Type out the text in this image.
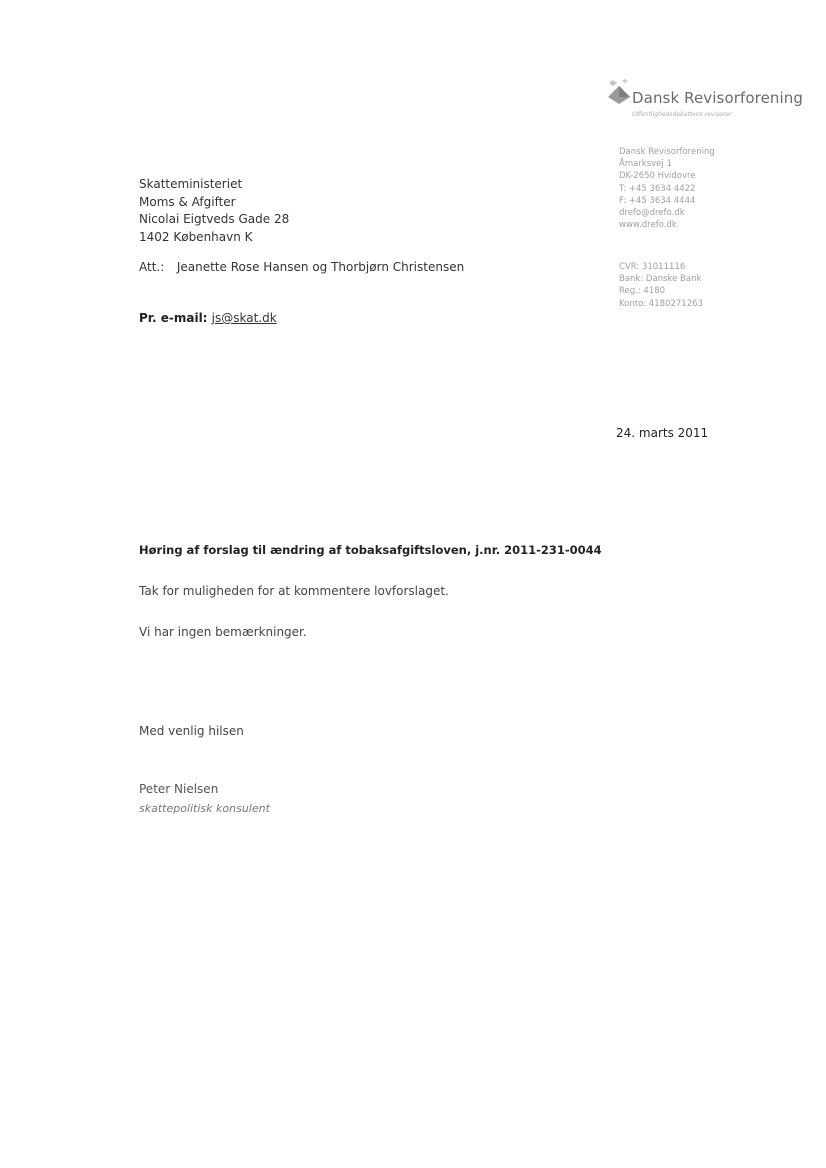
Dansk Revisorforening
Offentlighedsdebattens revisorer
Dansk Revisorforening
Åmarksvej 1
DK-2650 Hvidovre
T: +45 3634 4422
F: +45 3634 4444
drefo@drefo.dk
www.drefo.dk
CVR: 31011116
Bank: Danske Bank
Reg.: 4180
Konto: 4180271263
Skatteministeriet
Moms & Afgifter
Nicolai Eigtveds Gade 28
1402 København K
Att.: Jeanette Rose Hansen og Thorbjørn Christensen
Pr. e-mail: js@skat.dk
24. marts 2011
Høring af forslag til ændring af tobaksafgiftsloven, j.nr. 2011-231-0044
Tak for muligheden for at kommentere lovforslaget.
Vi har ingen bemærkninger.
Med venlig hilsen
Peter Nielsen
skattepolitisk konsulent
